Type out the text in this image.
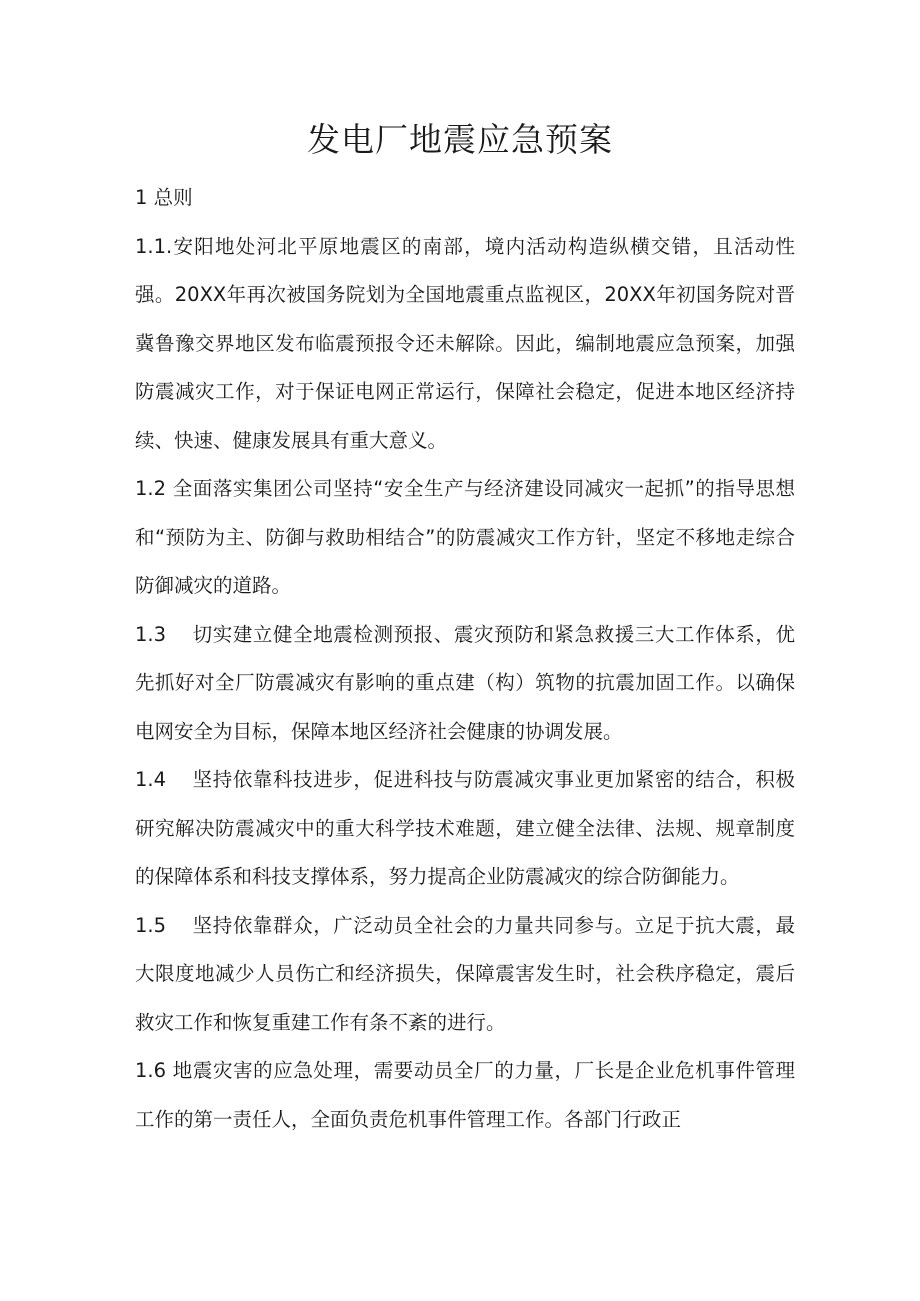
发电厂地震应急预案

1 总则

1.1.安阳地处河北平原地震区的南部，境内活动构造纵横交错，且活动性强。20XX年再次被国务院划为全国地震重点监视区，20XX年初国务院对晋冀鲁豫交界地区发布临震预报令还未解除。因此，编制地震应急预案，加强防震减灾工作，对于保证电网正常运行，保障社会稳定，促进本地区经济持续、快速、健康发展具有重大意义。

1.2 全面落实集团公司坚持“安全生产与经济建设同减灾一起抓”的指导思想和“预防为主、防御与救助相结合”的防震减灾工作方针，坚定不移地走综合防御减灾的道路。

1.3 切实建立健全地震检测预报、震灾预防和紧急救援三大工作体系，优先抓好对全厂防震减灾有影响的重点建（构）筑物的抗震加固工作。以确保电网安全为目标，保障本地区经济社会健康的协调发展。

1.4 坚持依靠科技进步，促进科技与防震减灾事业更加紧密的结合，积极研究解决防震减灾中的重大科学技术难题，建立健全法律、法规、规章制度的保障体系和科技支撑体系，努力提高企业防震减灾的综合防御能力。

1.5 坚持依靠群众，广泛动员全社会的力量共同参与。立足于抗大震，最大限度地减少人员伤亡和经济损失，保障震害发生时，社会秩序稳定，震后救灾工作和恢复重建工作有条不紊的进行。

1.6 地震灾害的应急处理，需要动员全厂的力量，厂长是企业危机事件管理工作的第一责任人，全面负责危机事件管理工作。各部门行政正
